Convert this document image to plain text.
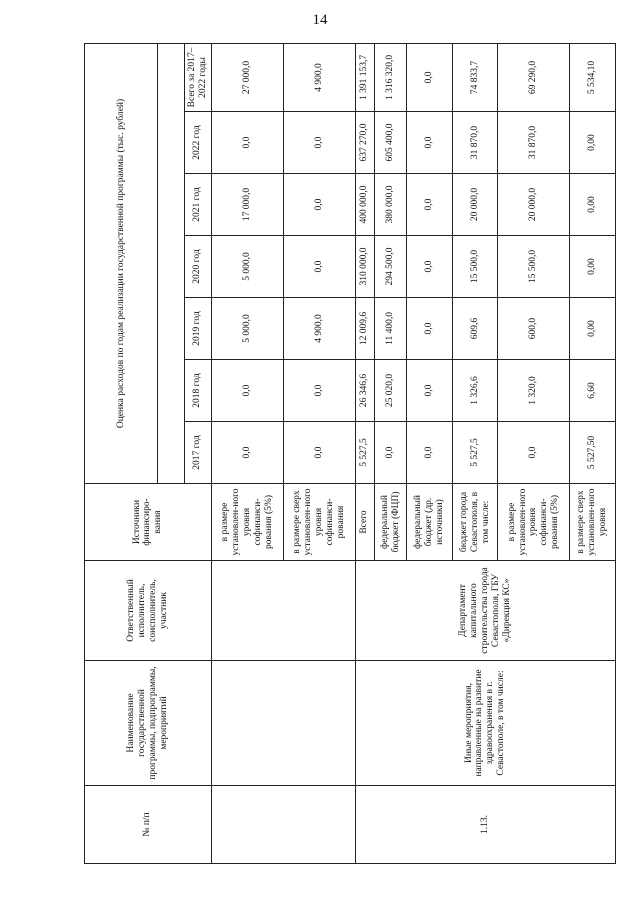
14
№ п/п	Наименование государственной программы, подпрограммы, мероприятий	Ответственный исполнитель, соисполнитель, участник	Источники финансиро-вания	Оценка расходов по годам реализации государственной программы (тыс. рублей)						

				2017 год	2018 год	2019 год	2020 год	2021 год	2022 год	Всего за 2017–2022 годы
			в размере установлен-ного уровня софинанси-рования (5%)	0,0	0,0	5 000,0	5 000,0	17 000,0	0,0	27 000,0
			в размере сверх установлен-ного уровня софинанси-рования	0,0	0,0	4 900,0	0,0	0,0	0,0	4 900,0
1.13.	Иные мероприятия, направленные на развитие здравоохранения в г. Севастополе, в том числе:	Департамент капитального строительства города Севастополя, ГБУ «Дирекция КС»	Всего	5 527,5	26 346,6	12 009,6	310 000,0	400 000,0	637 270,0	1 391 153,7
			федеральный бюджет (ФЦП)	0,0	25 020,0	11 400,0	294 500,0	380 000,0	605 400,0	1 316 320,0
			федеральный бюджет (др. источники)	0,0	0,0	0,0	0,0	0,0	0,0	0,0
			бюджет города Севастополя, в том числе:	5 527,5	1 326,6	609,6	15 500,0	20 000,0	31 870,0	74 833,7
			в размере установлен-ного уровня софинанси-рования (5%)	0,0	1 320,0	600,0	15 500,0	20 000,0	31 870,0	69 290,0
			в размере сверх установлен-ного уровня	5 527,50	6,60	0,00	0,00	0,00	0,00	5 534,10
